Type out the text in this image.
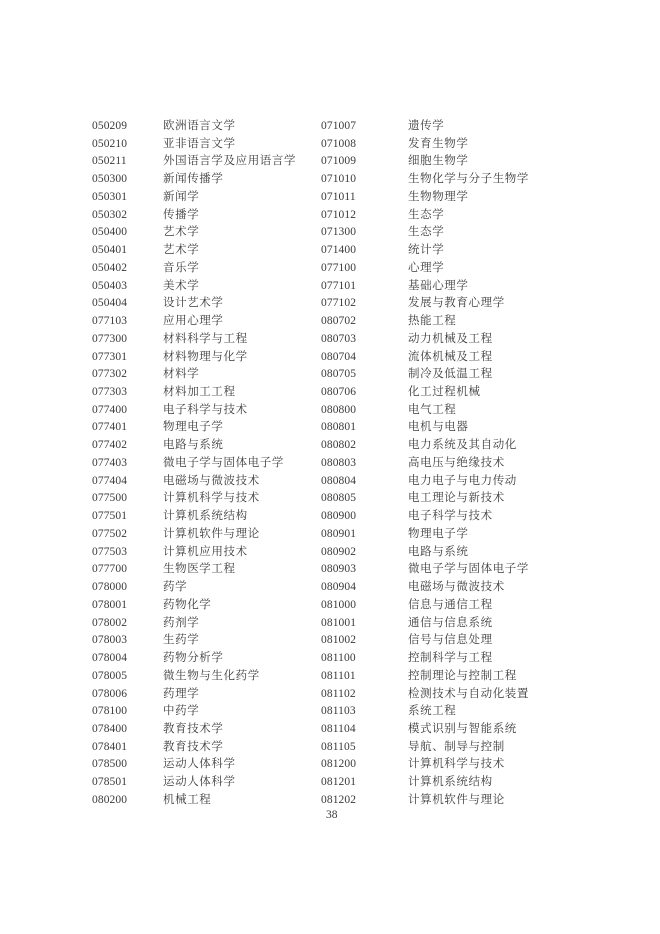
050209	欧洲语言文学
050210	亚非语言文学
050211	外国语言学及应用语言学
050300	新闻传播学
050301	新闻学
050302	传播学
050400	艺术学
050401	艺术学
050402	音乐学
050403	美术学
050404	设计艺术学
077103	应用心理学
077300	材料科学与工程
077301	材料物理与化学
077302	材料学
077303	材料加工工程
077400	电子科学与技术
077401	物理电子学
077402	电路与系统
077403	微电子学与固体电子学
077404	电磁场与微波技术
077500	计算机科学与技术
077501	计算机系统结构
077502	计算机软件与理论
077503	计算机应用技术
077700	生物医学工程
078000	药学
078001	药物化学
078002	药剂学
078003	生药学
078004	药物分析学
078005	微生物与生化药学
078006	药理学
078100	中药学
078400	教育技术学
078401	教育技术学
078500	运动人体科学
078501	运动人体科学
080200	机械工程
071007	遗传学
071008	发育生物学
071009	细胞生物学
071010	生物化学与分子生物学
071011	生物物理学
071012	生态学
071300	生态学
071400	统计学
077100	心理学
077101	基础心理学
077102	发展与教育心理学
080702	热能工程
080703	动力机械及工程
080704	流体机械及工程
080705	制冷及低温工程
080706	化工过程机械
080800	电气工程
080801	电机与电器
080802	电力系统及其自动化
080803	高电压与绝缘技术
080804	电力电子与电力传动
080805	电工理论与新技术
080900	电子科学与技术
080901	物理电子学
080902	电路与系统
080903	微电子学与固体电子学
080904	电磁场与微波技术
081000	信息与通信工程
081001	通信与信息系统
081002	信号与信息处理
081100	控制科学与工程
081101	控制理论与控制工程
081102	检测技术与自动化装置
081103	系统工程
081104	模式识别与智能系统
081105	导航、制导与控制
081200	计算机科学与技术
081201	计算机系统结构
081202	计算机软件与理论
38
